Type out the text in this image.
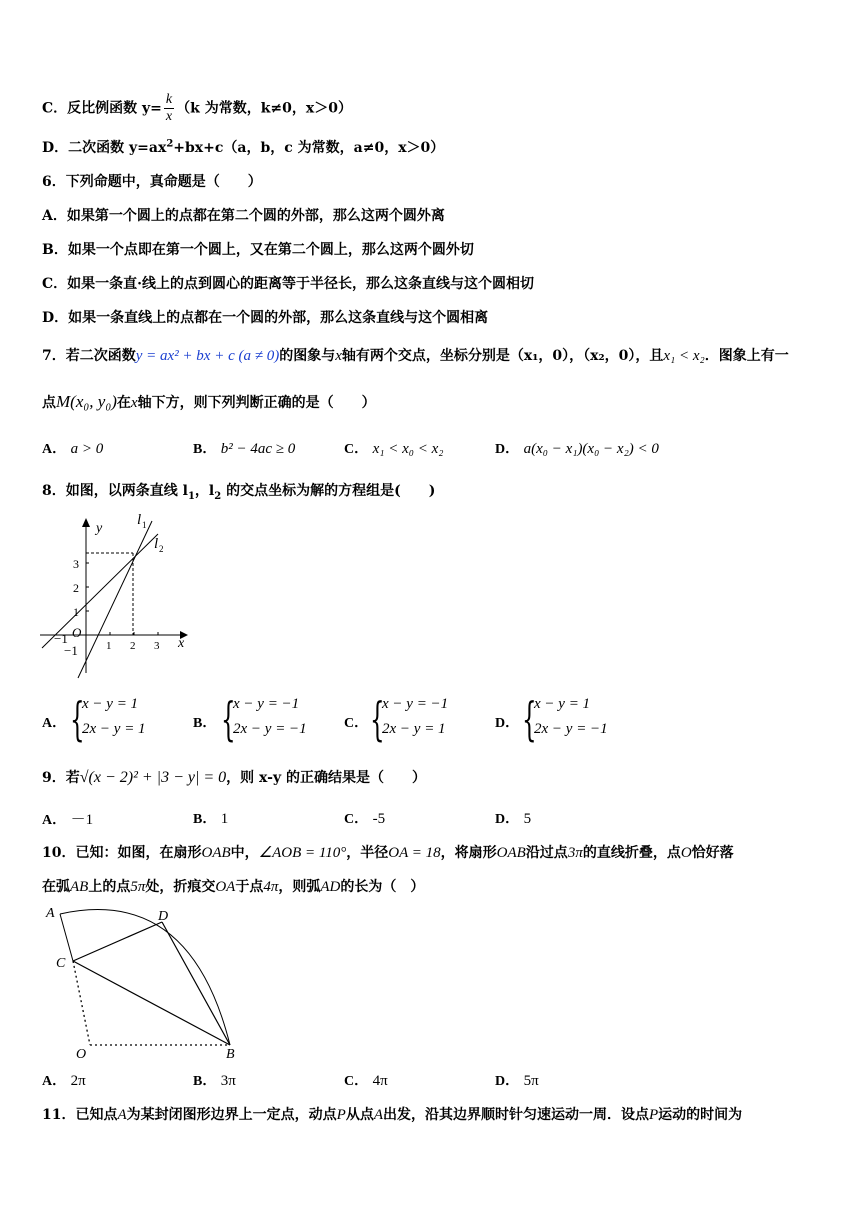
C．反比例函数 $y= \frac{k}{x} (k$ 为常数，k≠0，x＞0）
D．二次函数 $y=ax^2+bx+c(a$，b，c 为常数，a≠0，x＞0）
6．下列命题中，真命题是（　　）
A．如果第一个圆上的点都在第二个圆的外部，那么这两个圆外离
B．如果一个点即在第一个圆上，又在第二个圆上，那么这两个圆外切
C．如果一条直·线上的点到圆心的距离等于半径长，那么这条直线与这个圆相切
D．如果一条直线上的点都在一个圆的外部，那么这条直线与这个圆相离
7．若二次函数y = ax² + bx + c (a ≠ 0)的图象与x轴有两个交点，坐标分别是（x₁，0），（x₂，0），且x₁ < x₂．图象上有一
点M(x₀, y₀)在x轴下方，则下列判断正确的是（　　）
A． a > 0	B． b² − 4ac ≥ 0	C． x₁ < x₀ < x₂	D． a(x₀ − x₁)(x₀ − x₂) < 0
8．如图，以两条直线 $l_1$，$l_2$ 的交点坐标为解的方程组是(　　)
y
x
l 1
l 2
3
2
1
1 2 3
−1 O
−1
A． {
x − y = 1
2x − y = 1	B． {
x − y = −1
2x − y = −1	C． {
x − y = −1
2x − y = 1	D． {
x − y = 1
2x − y = −1
9．若√(x − 2)² + |3 − y| = 0，则 x-y 的正确结果是（　　）
A． －1	B． 1	C． -5	D． 5
10．已知：如图，在扇形OAB中，∠AOB = 110°，半径OA = 18，将扇形OAB沿过点3π的直线折叠，点O恰好落
在弧AB上的点5π处，折痕交OA于点4π，则弧AD的长为（　）
A	D
C
O	B
A． 2π	B． 3π	C． 4π	D． 5π
11．已知点A为某封闭图形边界上一定点，动点P从点A出发，沿其边界顺时针匀速运动一周．设点P运动的时间为
